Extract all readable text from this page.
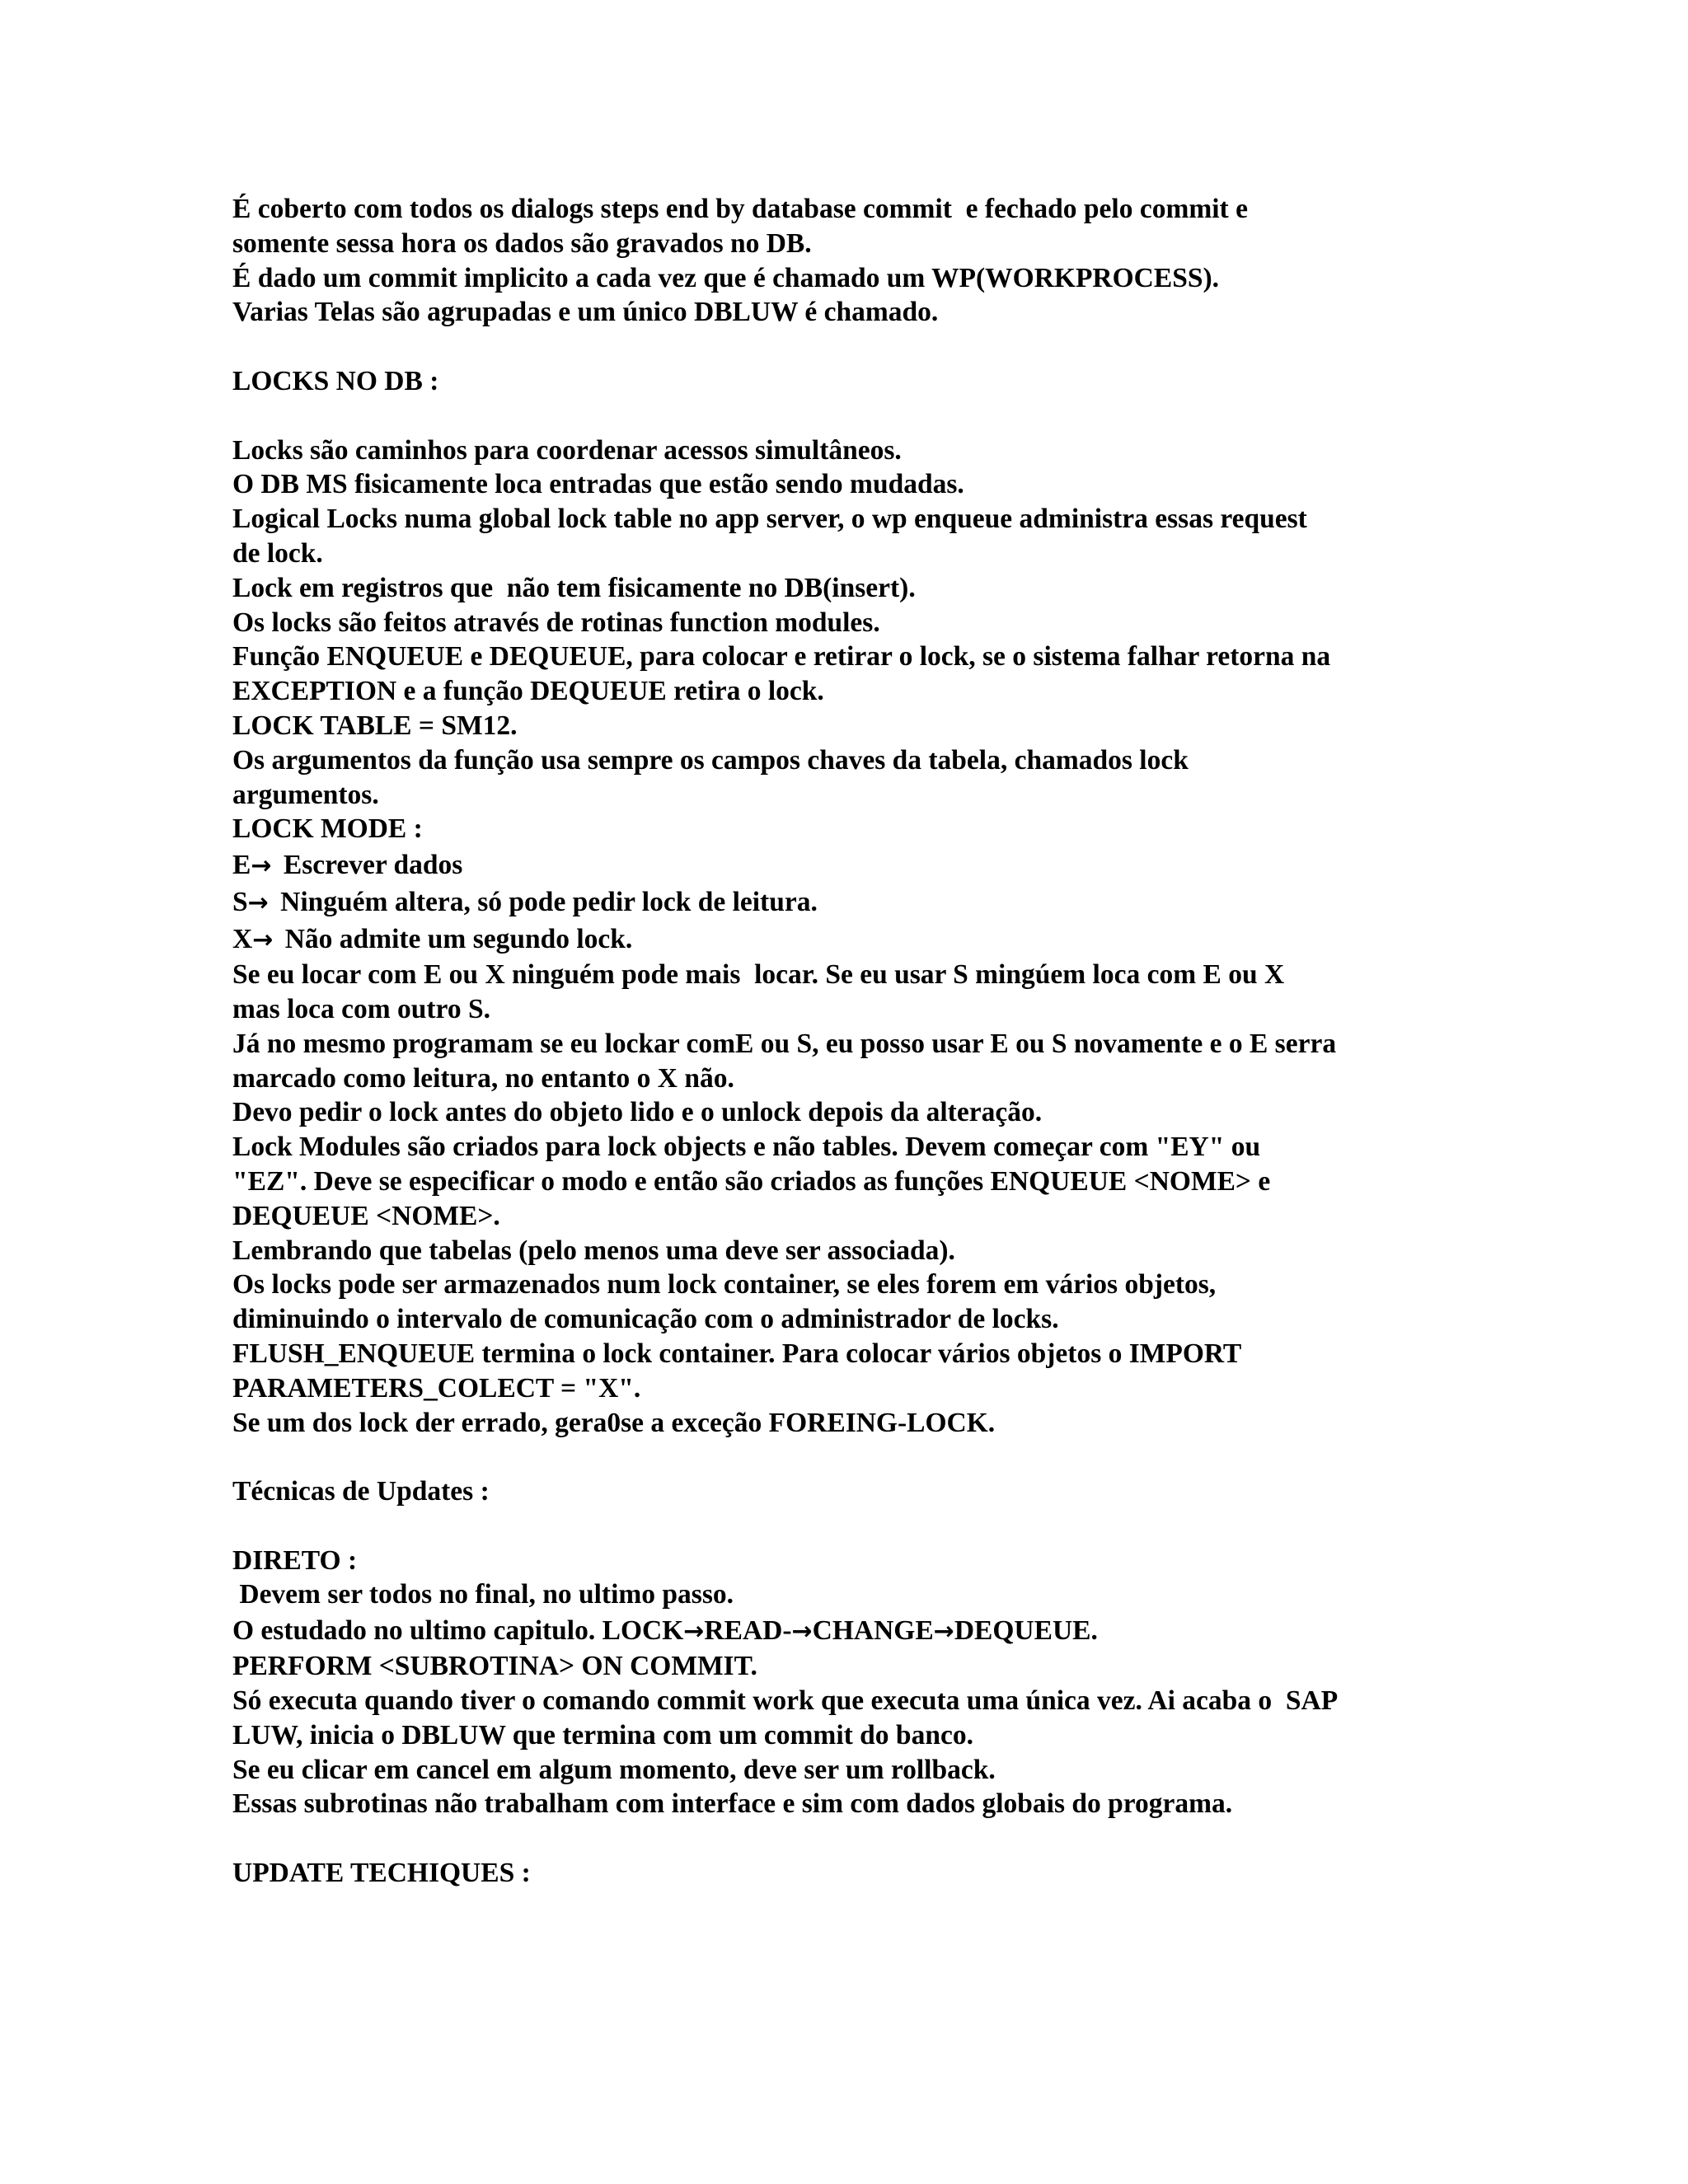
É coberto com todos os dialogs steps end by database commit  e fechado pelo commit e
somente sessa hora os dados são gravados no DB.
É dado um commit implicito a cada vez que é chamado um WP(WORKPROCESS).
Varias Telas são agrupadas e um único DBLUW é chamado.
LOCKS NO DB :
Locks são caminhos para coordenar acessos simultâneos.
O DB MS fisicamente loca entradas que estão sendo mudadas.
Logical Locks numa global lock table no app server, o wp enqueue administra essas request
de lock.
Lock em registros que  não tem fisicamente no DB(insert).
Os locks são feitos através de rotinas function modules.
Função ENQUEUE e DEQUEUE, para colocar e retirar o lock, se o sistema falhar retorna na
EXCEPTION e a função DEQUEUE retira o lock.
LOCK TABLE = SM12.
Os argumentos da função usa sempre os campos chaves da tabela, chamados lock
argumentos.
LOCK MODE :
E→ Escrever dados
S→ Ninguém altera, só pode pedir lock de leitura.
X→ Não admite um segundo lock.
Se eu locar com E ou X ninguém pode mais  locar. Se eu usar S mingúem loca com E ou X
mas loca com outro S.
Já no mesmo programam se eu lockar comE ou S, eu posso usar E ou S novamente e o E serra
marcado como leitura, no entanto o X não.
Devo pedir o lock antes do objeto lido e o unlock depois da alteração.
Lock Modules são criados para lock objects e não tables. Devem começar com "EY" ou
"EZ". Deve se especificar o modo e então são criados as funções ENQUEUE <NOME> e
DEQUEUE <NOME>.
Lembrando que tabelas (pelo menos uma deve ser associada).
Os locks pode ser armazenados num lock container, se eles forem em vários objetos,
diminuindo o intervalo de comunicação com o administrador de locks.
FLUSH_ENQUEUE termina o lock container. Para colocar vários objetos o IMPORT
PARAMETERS_COLECT = "X".
Se um dos lock der errado, gera0se a exceção FOREING-LOCK.
Técnicas de Updates :
DIRETO :
Devem ser todos no final, no ultimo passo.
O estudado no ultimo capitulo. LOCK→READ-→CHANGE→DEQUEUE.
PERFORM <SUBROTINA> ON COMMIT.
Só executa quando tiver o comando commit work que executa uma única vez. Ai acaba o  SAP
LUW, inicia o DBLUW que termina com um commit do banco.
Se eu clicar em cancel em algum momento, deve ser um rollback.
Essas subrotinas não trabalham com interface e sim com dados globais do programa.
UPDATE TECHIQUES :
